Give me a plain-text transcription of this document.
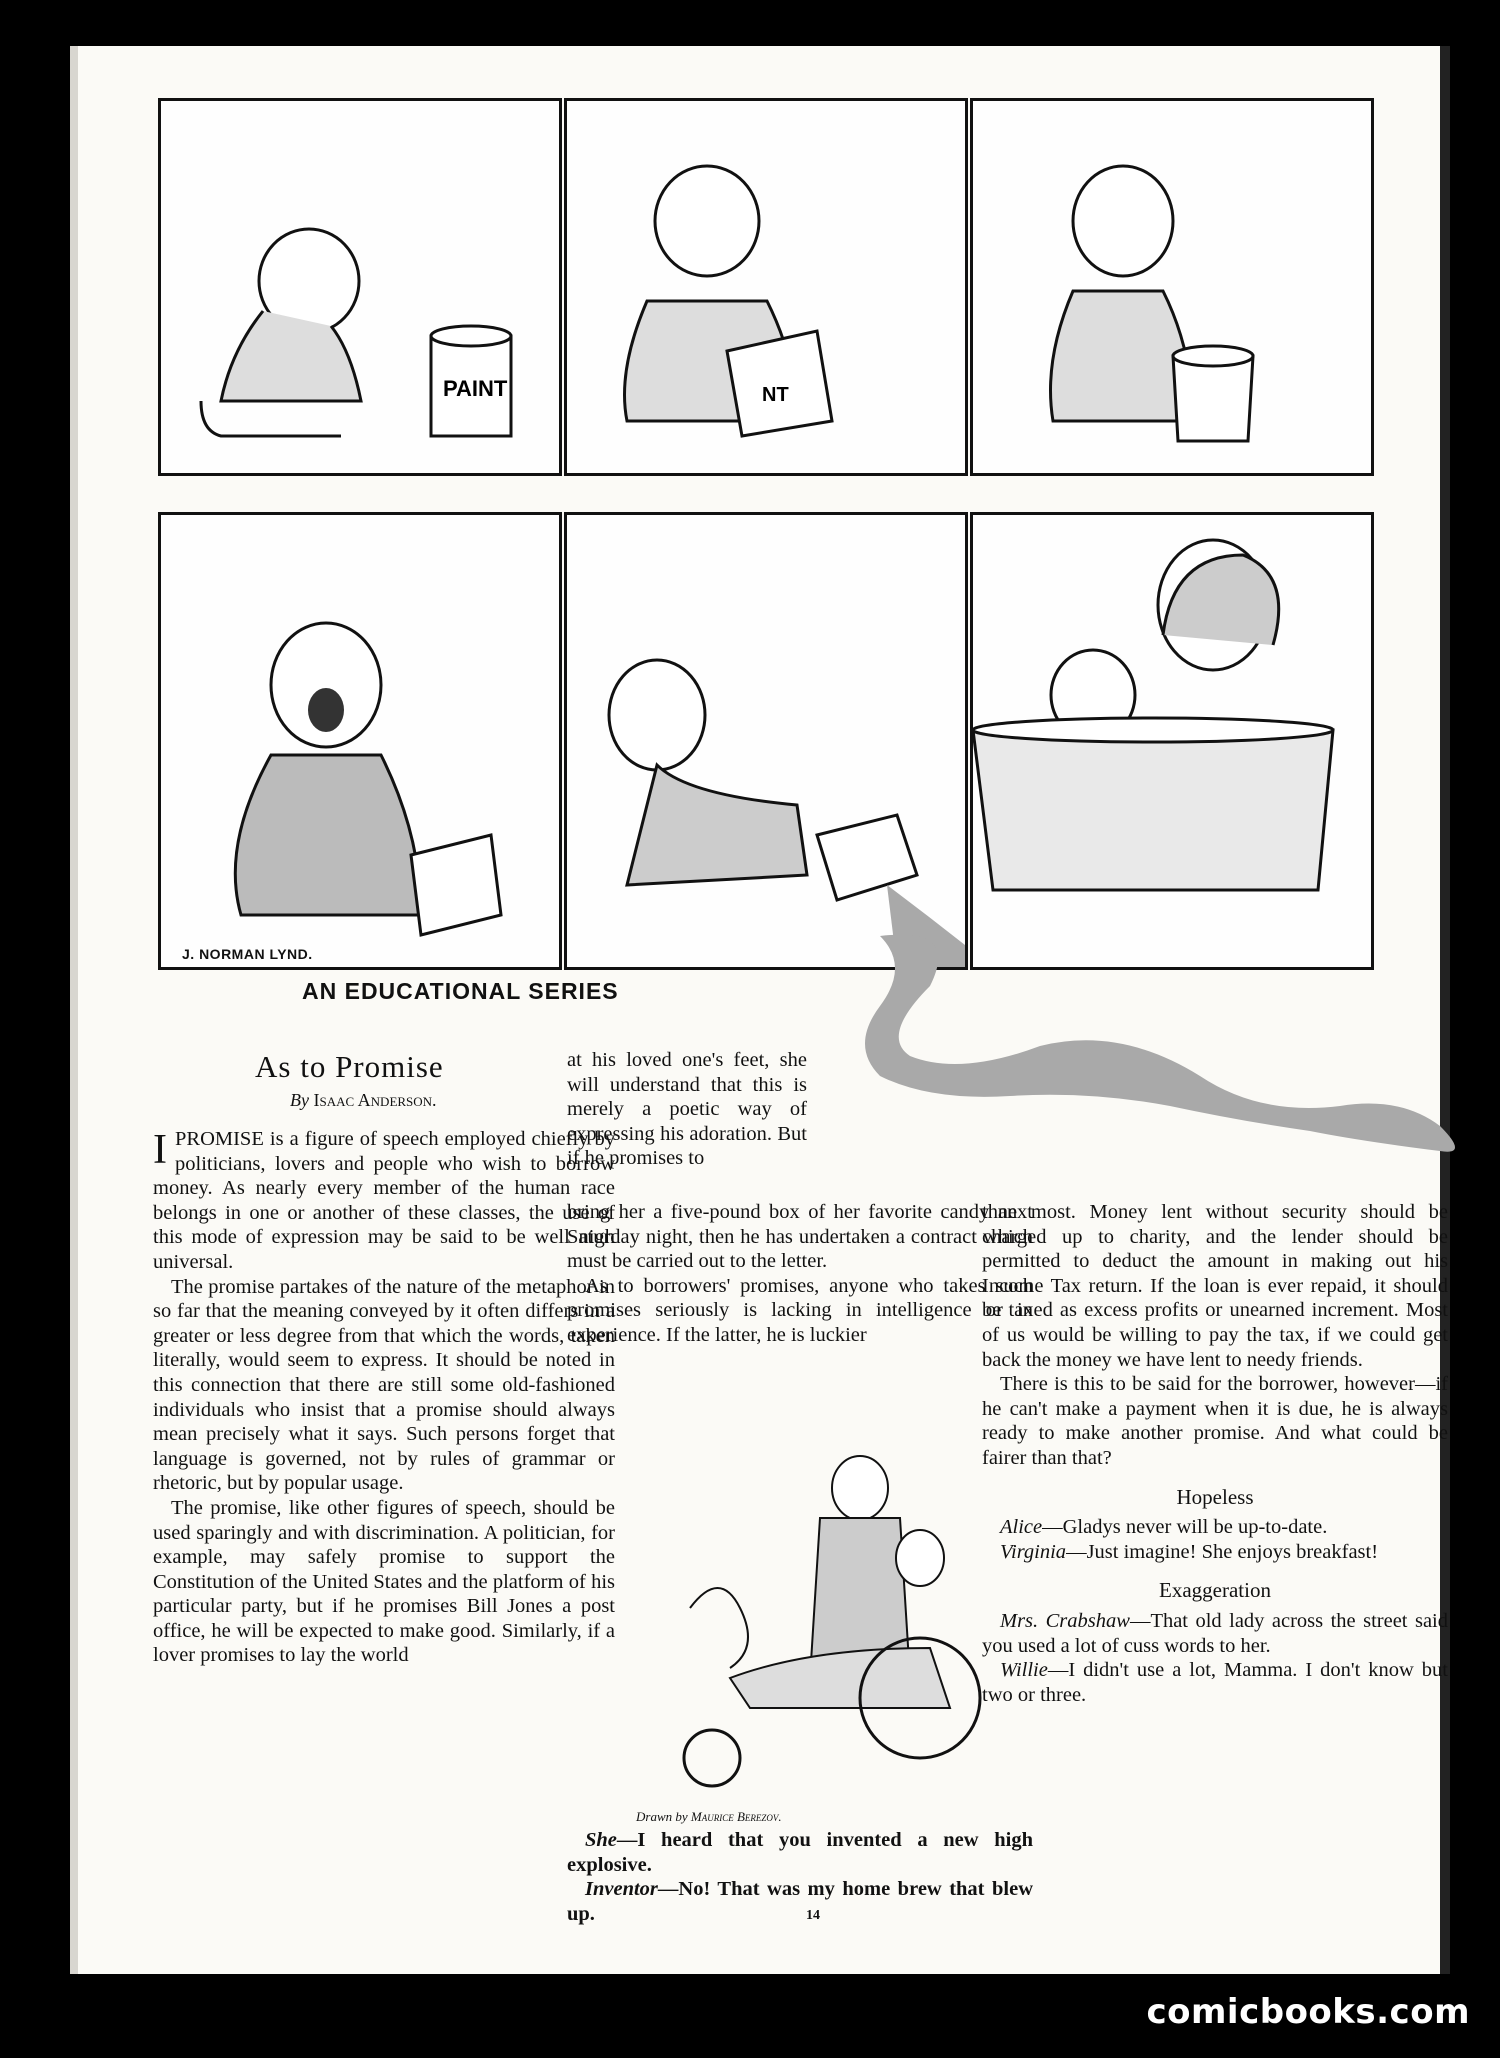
PAINT	NT
J. NORMAN LYND.
AN EDUCATIONAL SERIES
As to Promise
By Isaac Anderson.

IPROMISE is a figure of speech employed chiefly by politicians, lovers and people who wish to borrow money. As nearly every member of the human race belongs in one or another of these classes, the use of this mode of expression may be said to be well nigh universal.

The promise partakes of the nature of the metaphor in so far that the meaning conveyed by it often differs in a greater or less degree from that which the words, taken literally, would seem to express. It should be noted in this connection that there are still some old-fashioned individuals who insist that a promise should always mean precisely what it says. Such persons forget that language is governed, not by rules of grammar or rhetoric, but by popular usage.

The promise, like other figures of speech, should be used sparingly and with discrimination. A politician, for example, may safely promise to support the Constitution of the United States and the platform of his particular party, but if he promises Bill Jones a post office, he will be expected to make good. Similarly, if a lover promises to lay the world

at his loved one's feet, she will understand that this is merely a poetic way of expressing his adoration. But if he promises to

bring her a five-pound box of her favorite candy next Saturday night, then he has undertaken a contract which must be carried out to the letter.

As to borrowers' promises, anyone who takes such promises seriously is lacking in intelligence or in experience. If the latter, he is luckier

Drawn by Maurice Berezov.

She—I heard that you invented a new high explosive.

Inventor—No! That was my home brew that blew up.

than most. Money lent without security should be charged up to charity, and the lender should be permitted to deduct the amount in making out his Income Tax return. If the loan is ever repaid, it should be taxed as excess profits or unearned increment. Most of us would be willing to pay the tax, if we could get back the money we have lent to needy friends.

There is this to be said for the borrower, however—if he can't make a payment when it is due, he is always ready to make another promise. And what could be fairer than that?

Hopeless

Alice—Gladys never will be up-to-date.

Virginia—Just imagine! She enjoys breakfast!

Exaggeration

Mrs. Crabshaw—That old lady across the street said you used a lot of cuss words to her.

Willie—I didn't use a lot, Mamma. I don't know but two or three.

14
comicbooks.com
